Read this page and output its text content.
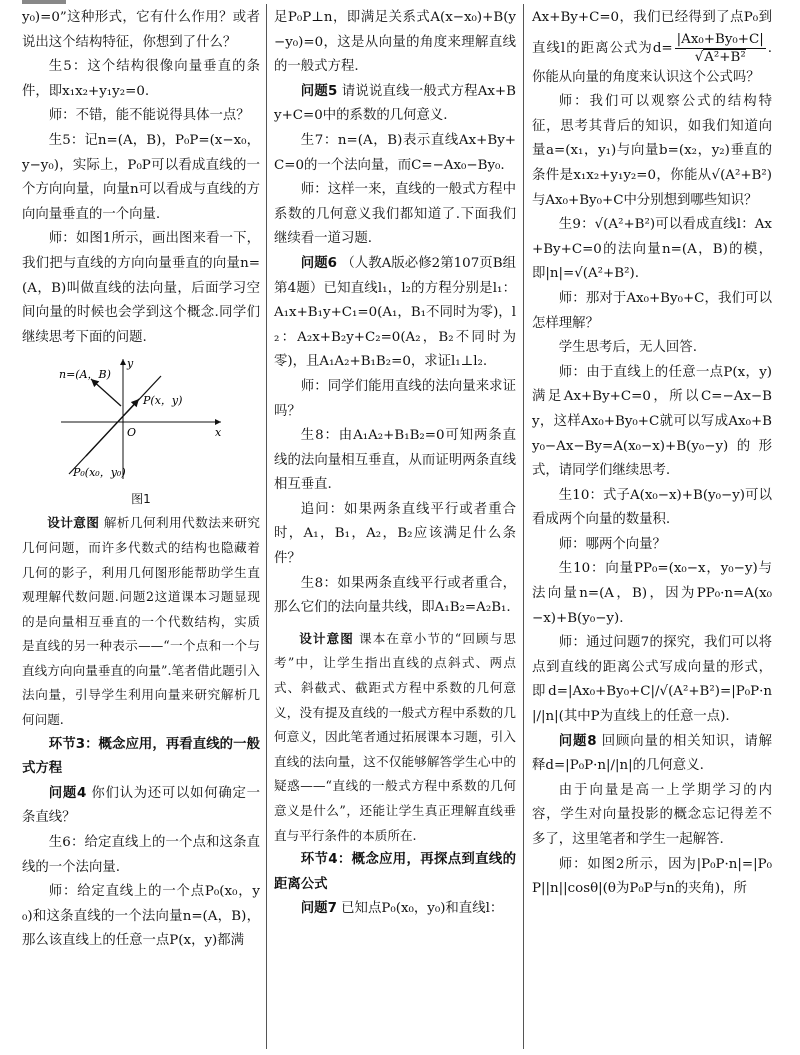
y₀)=0”这种形式，它有什么作用？或者说出这个结构特征，你想到了什么？

生5：这个结构很像向量垂直的条件，即x₁x₂+y₁y₂=0.

师：不错，能不能说得具体一点？

生5：记n=(A，B)，P₀P=(x−x₀，y−y₀)，实际上，P₀P可以看成直线的一个方向向量，向量n可以看成与直线的方向向量垂直的一个向量.

师：如图1所示，画出图来看一下，我们把与直线的方向向量垂直的向量n=(A，B)叫做直线的法向量，后面学习空间向量的时候也会学到这个概念.同学们继续思考下面的问题.

n=(A，B)
y
P(x，y)
O	x
P₀(x₀，y₀)

图1

设计意图 解析几何利用代数法来研究几何问题，而许多代数式的结构也隐藏着几何的影子，利用几何图形能帮助学生直观理解代数问题.问题2这道课本习题显现的是向量相互垂直的一个代数结构，实质是直线的另一种表示——“一个点和一个与直线方向向量垂直的向量”.笔者借此题引入法向量，引导学生利用向量来研究解析几何问题.

环节3：概念应用，再看直线的一般式方程

问题4 你们认为还可以如何确定一条直线？

生6：给定直线上的一个点和这条直线的一个法向量.

师：给定直线上的一个点P₀(x₀，y₀)和这条直线的一个法向量n=(A，B)，那么该直线上的任意一点P(x，y)都满

足P₀P⊥n，即满足关系式A(x−x₀)+B(y−y₀)=0，这是从向量的角度来理解直线的一般式方程.

问题5 请说说直线一般式方程Ax+By+C=0中的系数的几何意义.

生7：n=(A，B)表示直线Ax+By+C=0的一个法向量，而C=−Ax₀−By₀.

师：这样一来，直线的一般式方程中系数的几何意义我们都知道了.下面我们继续看一道习题.

问题6 （人教A版必修2第107页B组第4题）已知直线l₁，l₂的方程分别是l₁：A₁x+B₁y+C₁=0(A₁，B₁不同时为零)，l₂：A₂x+B₂y+C₂=0(A₂，B₂不同时为零)，且A₁A₂+B₁B₂=0，求证l₁⊥l₂.

师：同学们能用直线的法向量来求证吗？

生8：由A₁A₂+B₁B₂=0可知两条直线的法向量相互垂直，从而证明两条直线相互垂直.

追问：如果两条直线平行或者重合时，A₁，B₁，A₂，B₂应该满足什么条件？

生8：如果两条直线平行或者重合，那么它们的法向量共线，即A₁B₂=A₂B₁.

设计意图 课本在章小节的“回顾与思考”中，让学生指出直线的点斜式、两点式、斜截式、截距式方程中系数的几何意义，没有提及直线的一般式方程中系数的几何意义，因此笔者通过拓展课本习题，引入直线的法向量，这不仅能够解答学生心中的疑惑——“直线的一般式方程中系数的几何意义是什么”，还能让学生真正理解直线垂直与平行条件的本质所在.

环节4：概念应用，再探点到直线的距离公式

问题7 已知点P₀(x₀，y₀)和直线l：

Ax+By+C=0，我们已经得到了点P₀到直线l的距离公式为$d= \frac{\text{|Ax₀+By₀+C|}}{\text{√A²+B²}}$ . 你能从向量的角度来认识这个公式吗？

师：我们可以观察公式的结构特征，思考其背后的知识，如我们知道向量a=(x₁，y₁)与向量b=(x₂，y₂)垂直的条件是x₁x₂+y₁y₂=0，你能从√(A²+B²)与Ax₀+By₀+C中分别想到哪些知识？

生9：√(A²+B²)可以看成直线l：Ax+By+C=0的法向量n=(A，B)的模，即|n|=√(A²+B²).

师：那对于Ax₀+By₀+C，我们可以怎样理解？

学生思考后，无人回答.

师：由于直线上的任意一点P(x，y)满足Ax+By+C=0，所以C=−Ax−By，这样Ax₀+By₀+C就可以写成Ax₀+By₀−Ax−By=A(x₀−x)+B(y₀−y)的形式，请同学们继续思考.

生10：式子A(x₀−x)+B(y₀−y)可以看成两个向量的数量积.

师：哪两个向量？

生10：向量PP₀=(x₀−x，y₀−y)与法向量n=(A，B)，因为PP₀·n=A(x₀−x)+B(y₀−y).

师：通过问题7的探究，我们可以将点到直线的距离公式写成向量的形式，即d=|Ax₀+By₀+C|/√(A²+B²)=|P₀P·n|/|n|(其中P为直线上的任意一点).

问题8 回顾向量的相关知识，请解释d=|P₀P·n|/|n|的几何意义.

由于向量是高一上学期学习的内容，学生对向量投影的概念忘记得差不多了，这里笔者和学生一起解答.

师：如图2所示，因为|P₀P·n|=|P₀P||n||cosθ|(θ为P₀P与n的夹角)，所
